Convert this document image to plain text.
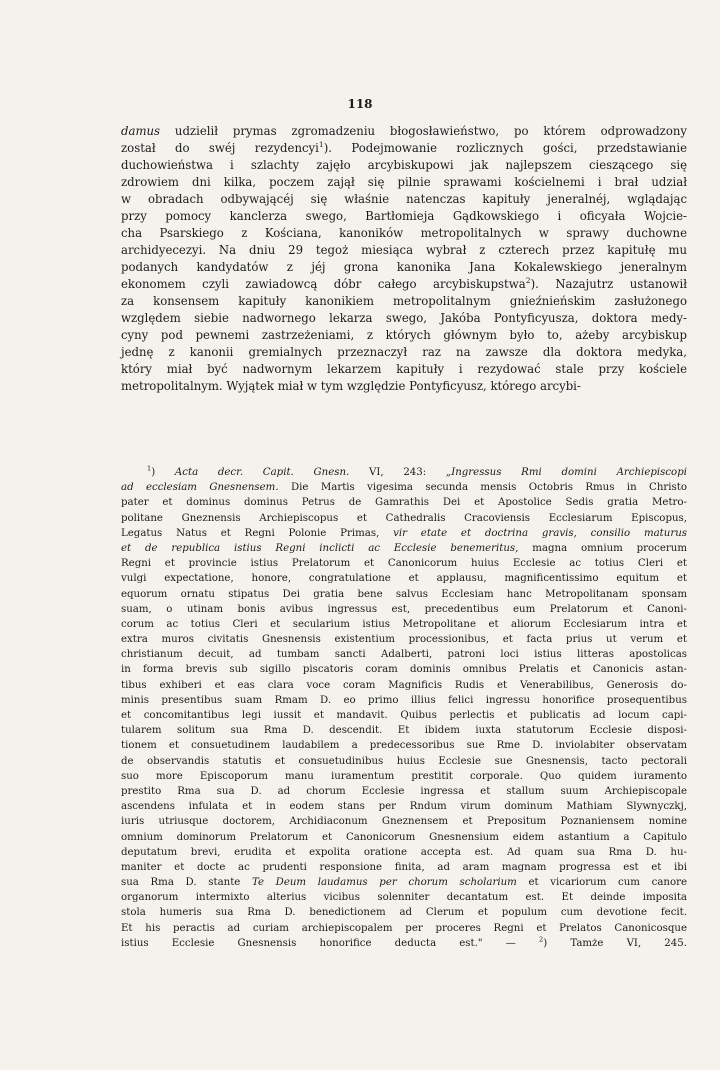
118
damus udzielił prymas zgromadzeniu błogosławieństwo, po którem odprowadzony
został do swéj rezydencyi$^1$). Podejmowanie rozlicznych gości, przedstawianie
duchowieństwa i szlachty zajęło arcybiskupowi jak najlepszem cieszącego się
zdrowiem dni kilka, poczem zajął się pilnie sprawami kościelnemi i brał udział
w obradach odbywającéj się właśnie natenczas kapituły jeneralnéj, wglądając
przy pomocy kanclerza swego, Bartłomieja Gądkowskiego i oficyała Wojcie-
cha Psarskiego z Kościana, kanoników metropolitalnych w sprawy duchowne
archidyecezyi. Na dniu 29 tegoż miesiąca wybrał z czterech przez kapitułę mu
podanych kandydatów z jéj grona kanonika Jana Kokalewskiego jeneralnym
ekonomem czyli zawiadowcą dóbr całego arcybiskupstwa$^2$). Nazajutrz ustanowił
za konsensem kapituły kanonikiem metropolitalnym gnieźnieńskim zasłużonego
względem siebie nadwornego lekarza swego, Jakóba Pontyficyusza, doktora medy-
cyny pod pewnemi zastrzeżeniami, z których głównym było to, ażeby arcybiskup
jednę z kanonii gremialnych przeznaczył raz na zawsze dla doktora medyka,
który miał być nadwornym lekarzem kapituły i rezydować stale przy kościele
metropolitalnym. Wyjątek miał w tym względzie Pontyficyusz, którego arcybi-
$^1$) Acta decr. Capit. Gnesn. VI, 243: „Ingressus Rmi domini Archiepiscopi
ad ecclesiam Gnesnensem. Die Martis vigesima secunda mensis Octobris Rmus in Christo
pater et dominus dominus Petrus de Gamrathis Dei et Apostolice Sedis gratia Metro-
politane Gneznensis Archiepiscopus et Cathedralis Cracoviensis Ecclesiarum Episcopus,
Legatus Natus et Regni Polonie Primas, vir etate et doctrina gravis, consilio maturus
et de republica istius Regni inclicti ac Ecclesie benemeritus, magna omnium procerum
Regni et provincie istius Prelatorum et Canonicorum huius Ecclesie ac totius Cleri et
vulgi expectatione, honore, congratulatione et applausu, magnificentissimo equitum et
equorum ornatu stipatus Dei gratia bene salvus Ecclesiam hanc Metropolitanam sponsam
suam, o utinam bonis avibus ingressus est, precedentibus eum Prelatorum et Canoni-
corum ac totius Cleri et secularium istius Metropolitane et aliorum Ecclesiarum intra et
extra muros civitatis Gnesnensis existentium processionibus, et facta prius ut verum et
christianum decuit, ad tumbam sancti Adalberti, patroni loci istius litteras apostolicas
in forma brevis sub sigillo piscatoris coram dominis omnibus Prelatis et Canonicis astan-
tibus exhiberi et eas clara voce coram Magnificis Rudis et Venerabilibus, Generosis do-
minis presentibus suam Rmam D. eo primo illius felici ingressu honorifice prosequentibus
et concomitantibus legi iussit et mandavit. Quibus perlectis et publicatis ad locum capi-
tularem solitum sua Rma D. descendit. Et ibidem iuxta statutorum Ecclesie disposi-
tionem et consuetudinem laudabilem a predecessoribus sue Rme D. inviolabiter observatam
de observandis statutis et consuetudinibus huius Ecclesie sue Gnesnensis, tacto pectorali
suo more Episcoporum manu iuramentum prestitit corporale. Quo quidem iuramento
prestito Rma sua D. ad chorum Ecclesie ingressa et stallum suum Archiepiscopale
ascendens infulata et in eodem stans per Rndum virum dominum Mathiam Slywnyczkj,
iuris utriusque doctorem, Archidiaconum Gneznensem et Prepositum Poznaniensem nomine
omnium dominorum Prelatorum et Canonicorum Gnesnensium eidem astantium a Capitulo
deputatum brevi, erudita et expolita oratione accepta est. Ad quam sua Rma D. hu-
maniter et docte ac prudenti responsione finita, ad aram magnam progressa est et ibi
sua Rma D. stante Te Deum laudamus per chorum scholarium et vicariorum cum canore
organorum intermixto alterius vicibus solenniter decantatum est. Et deinde imposita
stola humeris sua Rma D. benedictionem ad Clerum et populum cum devotione fecit.
Et his peractis ad curiam archiepiscopalem per proceres Regni et Prelatos Canonicosque
istius Ecclesie Gnesnensis honorifice deducta est." — $^2$) Tamże VI, 245.
